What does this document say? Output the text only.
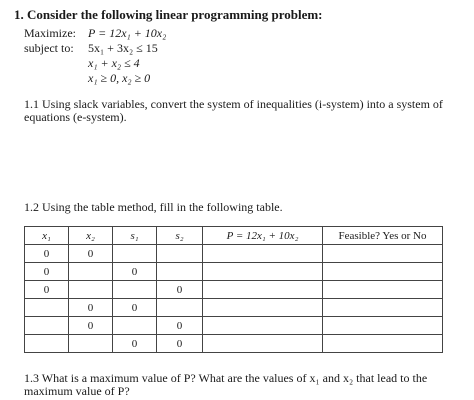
1. Consider the following linear programming problem:
Maximize: P = 12x₁ + 10x₂
subject to: 5x₁ + 3x₂ ≤ 15
x₁ + x₂ ≤ 4
x₁ ≥ 0, x₂ ≥ 0
1.1 Using slack variables, convert the system of inequalities (i-system) into a system of equations (e-system).
1.2 Using the table method, fill in the following table.
x₁	x₂	s₁	s₂	P = 12x₁ + 10x₂	Feasible? Yes or No
0	0				
0		0			
0			0		
	0	0			
	0		0		
		0	0		
1.3 What is a maximum value of P? What are the values of x₁ and x₂ that lead to the maximum value of P?
